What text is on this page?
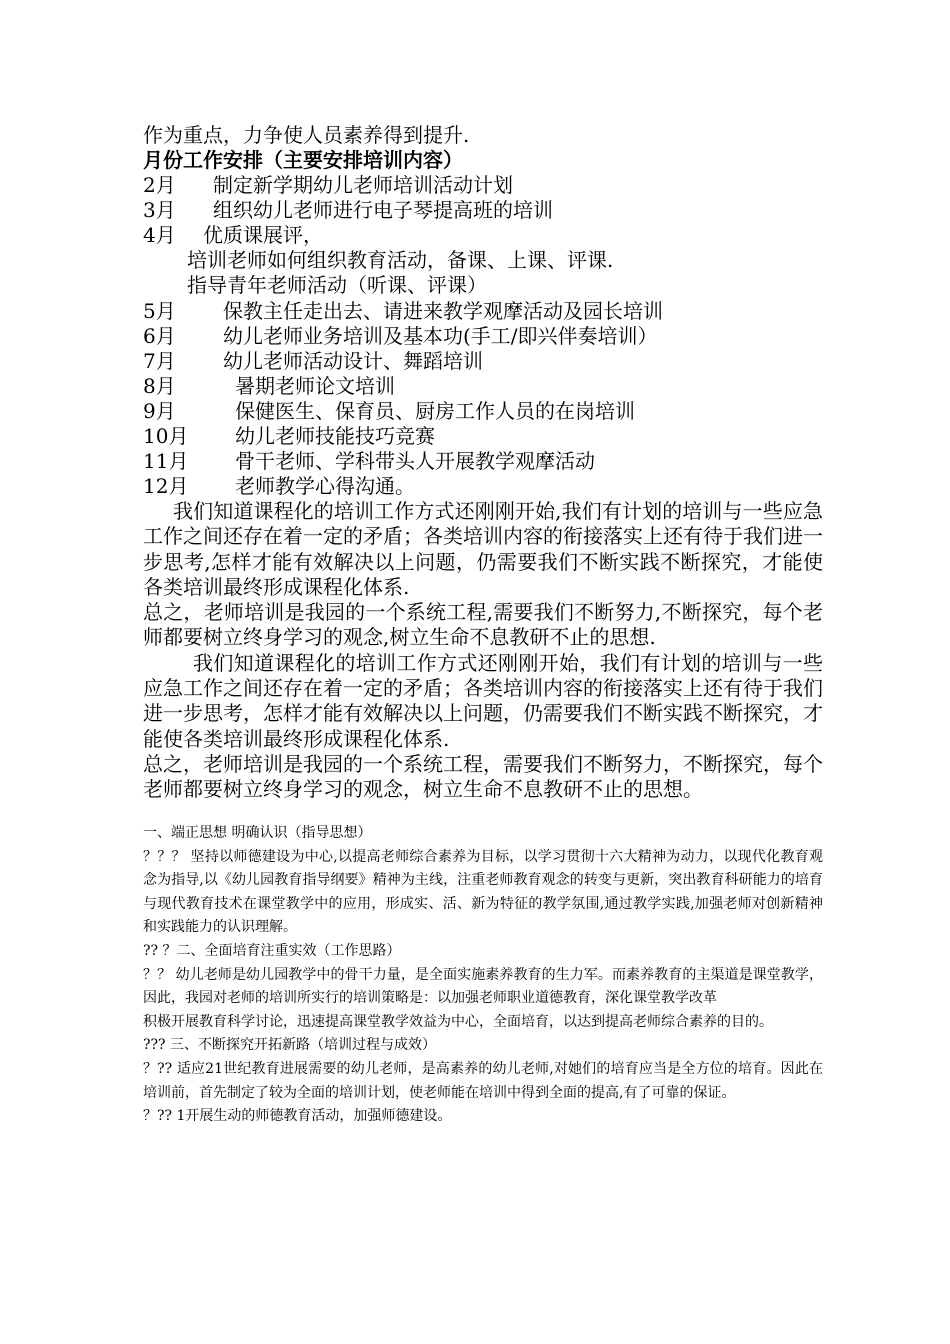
作为重点，力争使人员素养得到提升.
月份工作安排（主要安排培训内容）
2月 制定新学期幼儿老师培训活动计划
3月 组织幼儿老师进行电子琴提高班的培训
4月 优质课展评，
培训老师如何组织教育活动，备课、上课、评课.
指导青年老师活动（听课、评课）
5月 保教主任走出去、请进来教学观摩活动及园长培训
6月 幼儿老师业务培训及基本功(手工/即兴伴奏培训）
7月 幼儿老师活动设计、舞蹈培训
8月	暑期老师论文培训
9月	保健医生、保育员、厨房工作人员的在岗培训
10月 幼儿老师技能技巧竞赛
11月 骨干老师、学科带头人开展教学观摩活动
12月 老师教学心得沟通。

我们知道课程化的培训工作方式还刚刚开始,我们有计划的培训与一些应急工作之间还存在着一定的矛盾；各类培训内容的衔接落实上还有待于我们进一步思考,怎样才能有效解决以上问题，仍需要我们不断实践不断探究，才能使各类培训最终形成课程化体系.

总之，老师培训是我园的一个系统工程,需要我们不断努力,不断探究，每个老师都要树立终身学习的观念,树立生命不息教研不止的思想.

我们知道课程化的培训工作方式还刚刚开始，我们有计划的培训与一些应急工作之间还存在着一定的矛盾；各类培训内容的衔接落实上还有待于我们进一步思考，怎样才能有效解决以上问题，仍需要我们不断实践不断探究，才能使各类培训最终形成课程化体系.

总之，老师培训是我园的一个系统工程，需要我们不断努力，不断探究，每个老师都要树立终身学习的观念，树立生命不息教研不止的思想。

一、端正思想 明确认识（指导思想）

？？？ 坚持以师德建设为中心,以提高老师综合素养为目标，以学习贯彻十六大精神为动力，以现代化教育观念为指导,以《幼儿园教育指导纲要》精神为主线，注重老师教育观念的转变与更新，突出教育科研能力的培育与现代教育技术在课堂教学中的应用，形成实、活、新为特征的教学氛围,通过教学实践,加强老师对创新精神和实践能力的认识理解。

?? ？二、全面培育注重实效（工作思路）

？？ 幼儿老师是幼儿园教学中的骨干力量，是全面实施素养教育的生力军。而素养教育的主渠道是课堂教学，因此，我园对老师的培训所实行的培训策略是：以加强老师职业道德教育，深化课堂教学改革

积极开展教育科学讨论，迅速提高课堂教学效益为中心，全面培育，以达到提高老师综合素养的目的。

??? 三、不断探究开拓新路（培训过程与成效）

？?? 适应21世纪教育进展需要的幼儿老师，是高素养的幼儿老师,对她们的培育应当是全方位的培育。因此在培训前，首先制定了较为全面的培训计划，使老师能在培训中得到全面的提高,有了可靠的保证。

？?? 1开展生动的师德教育活动，加强师德建设。
